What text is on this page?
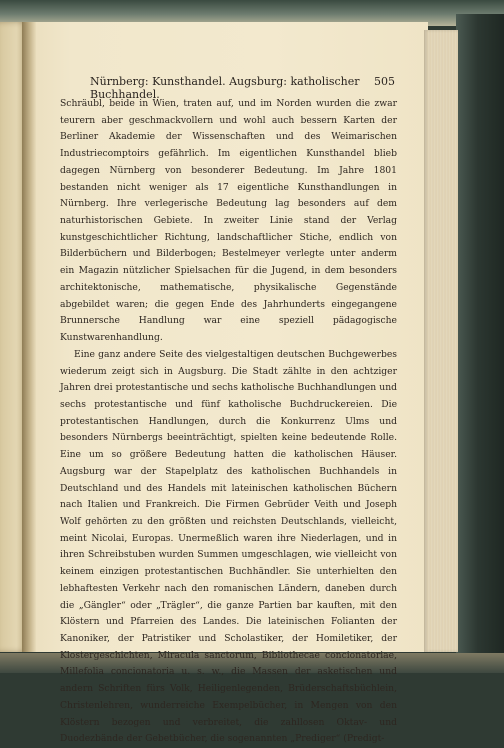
Nürnberg: Kunsthandel. Augsburg: katholischer Buchhandel.
505

Schräubl, beide in Wien, traten auf, und im Norden wurden die zwar teurern aber geschmackvollern und wohl auch bessern Karten der Berliner Akademie der Wissenschaften und des Weimarischen Industriecomptoirs gefährlich. Im eigentlichen Kunsthandel blieb dagegen Nürnberg von besonderer Bedeutung. Im Jahre 1801 bestanden nicht weniger als 17 eigentliche Kunsthandlungen in Nürnberg. Ihre verlegerische Bedeutung lag besonders auf dem naturhistorischen Gebiete. In zweiter Linie stand der Verlag kunstgeschichtlicher Richtung, landschaftlicher Stiche, endlich von Bilderbüchern und Bilderbogen; Bestelmeyer verlegte unter anderm ein Magazin nützlicher Spielsachen für die Jugend, in dem besonders architektonische, mathematische, physikalische Gegenstände abgebildet waren; die gegen Ende des Jahrhunderts eingegangene Brunnersche Handlung war eine speziell pädagogische Kunstwarenhandlung.

Eine ganz andere Seite des vielgestaltigen deutschen Buchgewerbes wiederum zeigt sich in Augsburg. Die Stadt zählte in den achtziger Jahren drei protestantische und sechs katholische Buchhandlungen und sechs protestantische und fünf katholische Buchdruckereien. Die protestantischen Handlungen, durch die Konkurrenz Ulms und besonders Nürnbergs beeinträchtigt, spielten keine bedeutende Rolle. Eine um so größere Bedeutung hatten die katholischen Häuser. Augsburg war der Stapelplatz des katholischen Buchhandels in Deutschland und des Handels mit lateinischen katholischen Büchern nach Italien und Frankreich. Die Firmen Gebrüder Veith und Joseph Wolf gehörten zu den größten und reichsten Deutschlands, vielleicht, meint Nicolai, Europas. Unermeßlich waren ihre Niederlagen, und in ihren Schreibstuben wurden Summen umgeschlagen, wie vielleicht von keinem einzigen protestantischen Buchhändler. Sie unterhielten den lebhaftesten Verkehr nach den romanischen Ländern, daneben durch die „Gängler“ oder „Trägler“, die ganze Partien bar kauften, mit den Klöstern und Pfarreien des Landes. Die lateinischen Folianten der Kanoniker, der Patristiker und Scholastiker, der Homiletiker, der Klostergeschichten, Miracula sanctorum, Bibliothecae concionatoriae, Millefolia concionatoria u. s. w., die Massen der asketischen und andern Schriften fürs Volk, Heiligenlegenden, Brüderschaftsbüchlein, Christenlehren, wunderreiche Exempelbücher, in Mengen von den Klöstern bezogen und verbreitet, die zahllosen Oktav- und Duodezbände der Gebetbücher, die sogenannten „Prediger“ (Predigt-
